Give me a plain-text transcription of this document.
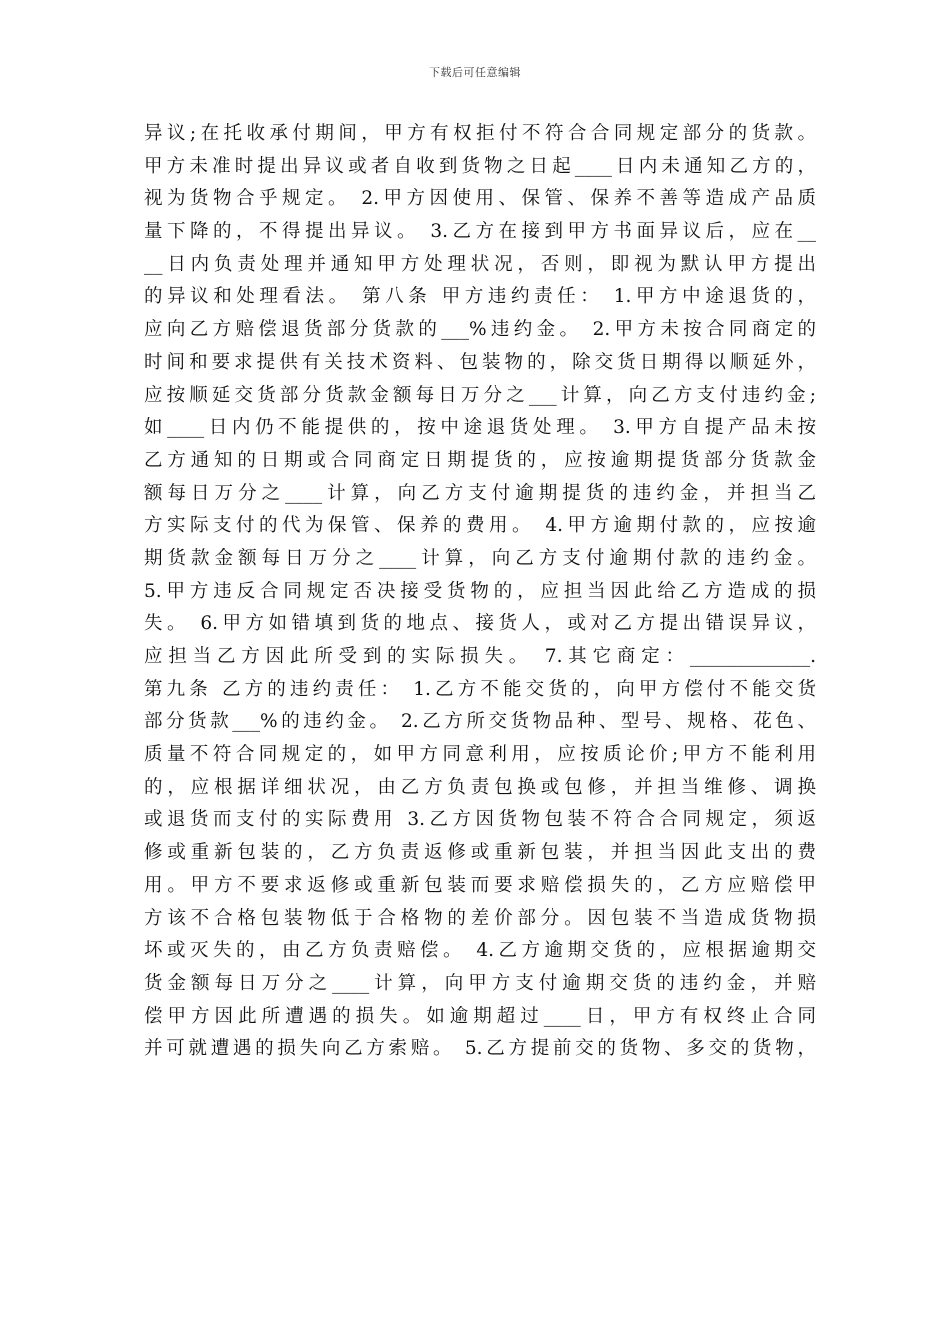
下载后可任意编辑
异议;在托收承付期间，甲方有权拒付不符合合同规定部分的货款。
甲方未准时提出异议或者自收到货物之日起____日内未通知乙方的，
视为货物合乎规定。 2.甲方因使用、保管、保养不善等造成产品质
量下降的，不得提出异议。 3.乙方在接到甲方书面异议后，应在__
__日内负责处理并通知甲方处理状况，否则，即视为默认甲方提出
的异议和处理看法。 第八条 甲方违约责任： 1.甲方中途退货的，
应向乙方赔偿退货部分货款的___%违约金。 2.甲方未按合同商定的
时间和要求提供有关技术资料、包装物的，除交货日期得以顺延外，
应按顺延交货部分货款金额每日万分之___计算，向乙方支付违约金;
如____日内仍不能提供的，按中途退货处理。 3.甲方自提产品未按
乙方通知的日期或合同商定日期提货的，应按逾期提货部分货款金
额每日万分之____计算，向乙方支付逾期提货的违约金，并担当乙
方实际支付的代为保管、保养的费用。 4.甲方逾期付款的，应按逾
期货款金额每日万分之____计算，向乙方支付逾期付款的违约金。
5.甲方违反合同规定否决接受货物的，应担当因此给乙方造成的损
失。 6.甲方如错填到货的地点、接货人，或对乙方提出错误异议，
应担当乙方因此所受到的实际损失。 7.其它商定：_____________.
第九条 乙方的违约责任： 1.乙方不能交货的，向甲方偿付不能交货
部分货款___%的违约金。 2.乙方所交货物品种、型号、规格、花色、
质量不符合同规定的，如甲方同意利用，应按质论价;甲方不能利用
的，应根据详细状况，由乙方负责包换或包修，并担当维修、调换
或退货而支付的实际费用 3.乙方因货物包装不符合合同规定，须返
修或重新包装的，乙方负责返修或重新包装，并担当因此支出的费
用。甲方不要求返修或重新包装而要求赔偿损失的，乙方应赔偿甲
方该不合格包装物低于合格物的差价部分。因包装不当造成货物损
坏或灭失的，由乙方负责赔偿。 4.乙方逾期交货的，应根据逾期交
货金额每日万分之____计算，向甲方支付逾期交货的违约金，并赔
偿甲方因此所遭遇的损失。如逾期超过____日，甲方有权终止合同
并可就遭遇的损失向乙方索赔。 5.乙方提前交的货物、多交的货物，
